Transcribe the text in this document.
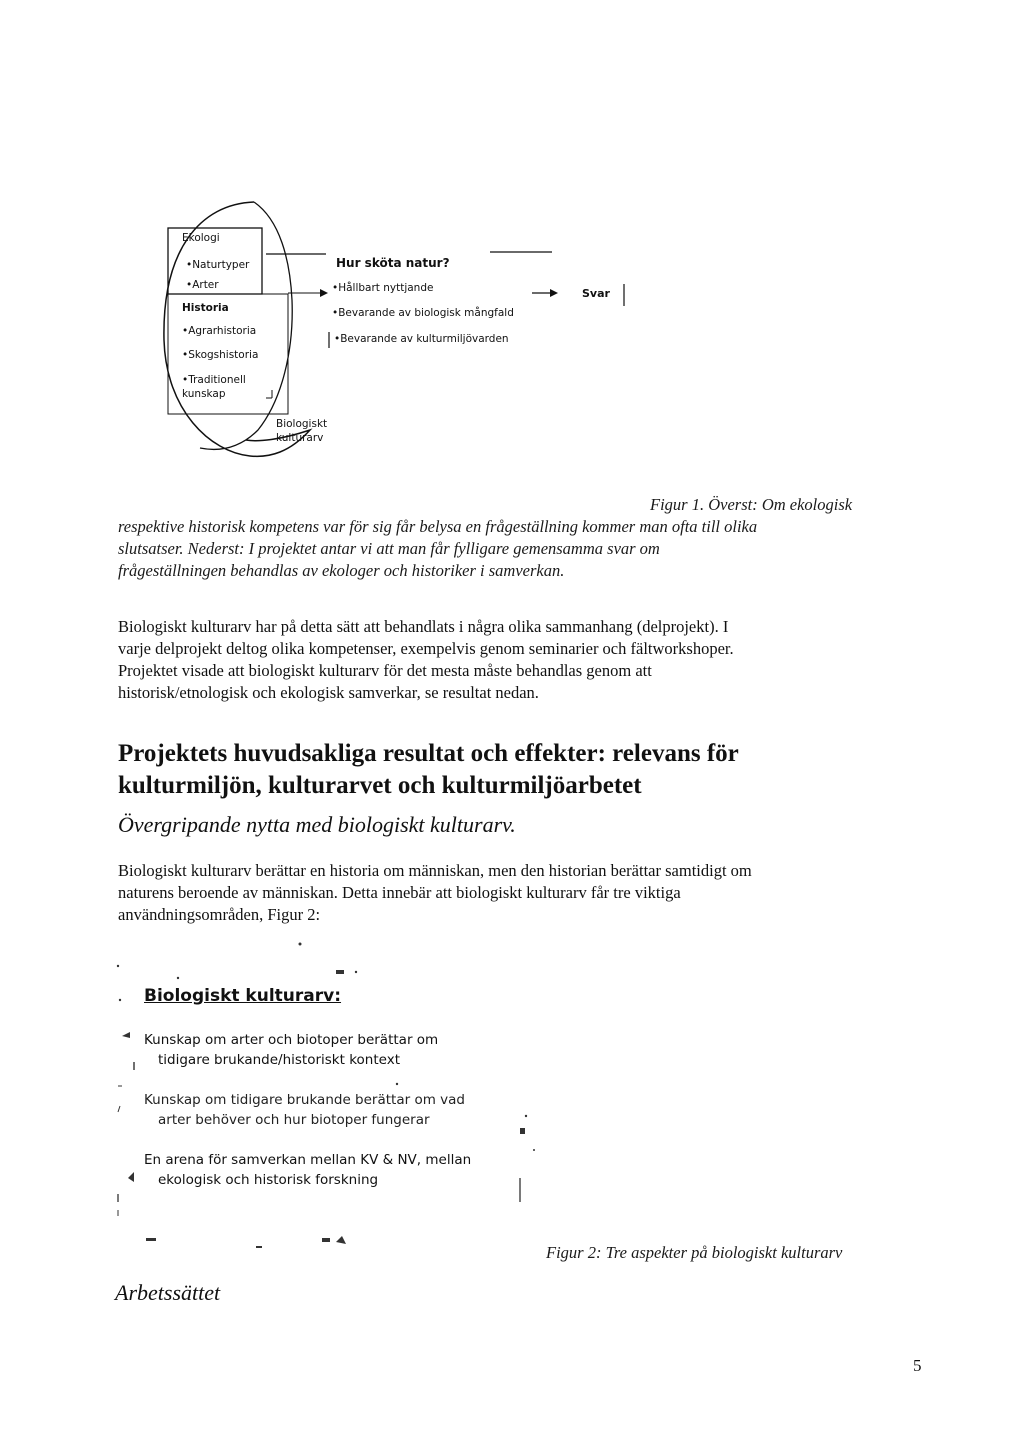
Ekologi
•Naturtyper
•Arter
Historia
•Agrarhistoria
•Skogshistoria
•Traditionell
kunskap
Biologiskt
kulturarv
Hur sköta natur?
•Hållbart nyttjande
•Bevarande av biologisk mångfald
•Bevarande av kulturmiljövarden
Svar
Figur 1. Överst: Om ekologisk
respektive historisk kompetens var för sig får belysa en frågeställning kommer man ofta till olika
slutsatser. Nederst: I projektet antar vi att man får fylligare gemensamma svar om
frågeställningen behandlas av ekologer och historiker i samverkan.
Biologiskt kulturarv har på detta sätt att behandlats i några olika sammanhang (delprojekt). I
varje delprojekt deltog olika kompetenser, exempelvis genom seminarier och fältworkshoper.
Projektet visade att biologiskt kulturarv för det mesta måste behandlas genom att
historisk/etnologisk och ekologisk samverkar, se resultat nedan.
Projektets huvudsakliga resultat och effekter: relevans för
kulturmiljön, kulturarvet och kulturmiljöarbetet
Övergripande nytta med biologiskt kulturarv.
Biologiskt kulturarv berättar en historia om människan, men den historian berättar samtidigt om
naturens beroende av människan. Detta innebär att biologiskt kulturarv får tre viktiga
användningsområden, Figur 2:
Biologiskt kulturarv:
Kunskap om arter och biotoper berättar om
tidigare brukande/historiskt kontext
Kunskap om tidigare brukande berättar om vad
arter behöver och hur biotoper fungerar
En arena för samverkan mellan KV & NV, mellan
ekologisk och historisk forskning
Figur 2: Tre aspekter på biologiskt kulturarv
Arbetssättet
5
